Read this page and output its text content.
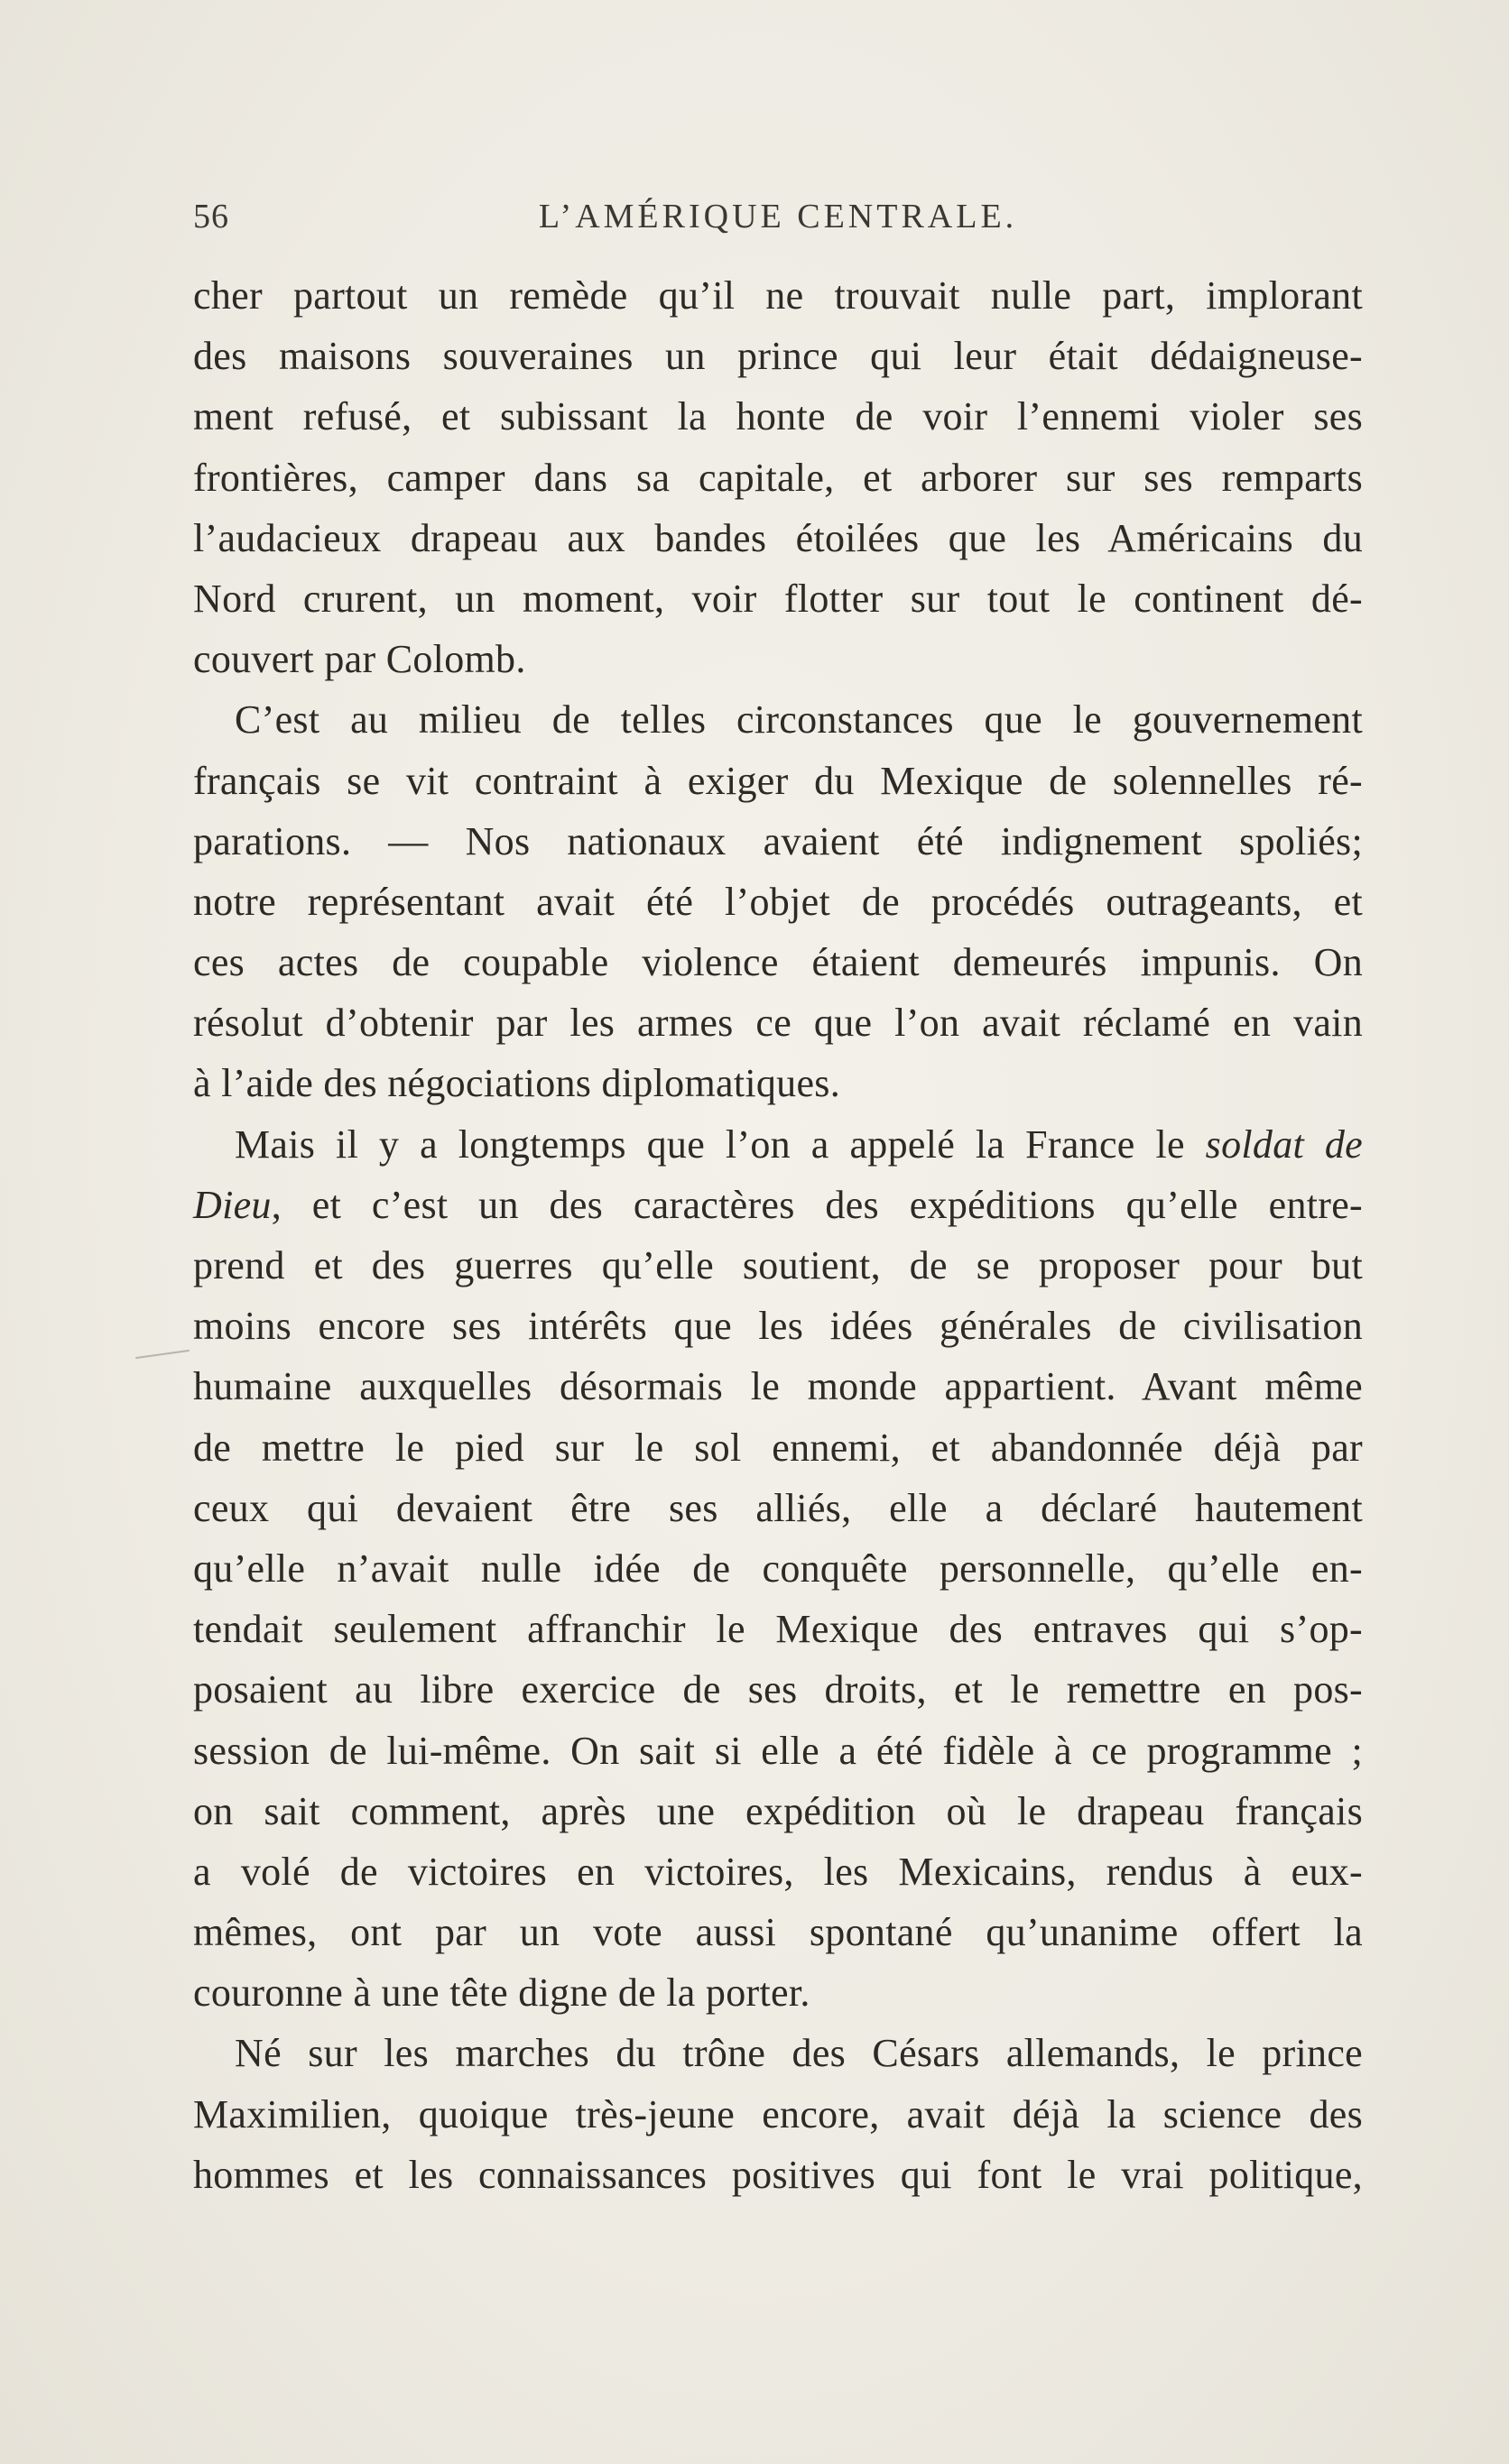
56	L’AMÉRIQUE CENTRALE.
cher partout un remède qu’il ne trouvait nulle part, implorant
des maisons souveraines un prince qui leur était dédaigneuse-
ment refusé, et subissant la honte de voir l’ennemi violer ses
frontières, camper dans sa capitale, et arborer sur ses remparts
l’audacieux drapeau aux bandes étoilées que les Américains du
Nord crurent, un moment, voir flotter sur tout le continent dé-
couvert par Colomb.
C’est au milieu de telles circonstances que le gouvernement
français se vit contraint à exiger du Mexique de solennelles ré-
parations. — Nos nationaux avaient été indignement spoliés;
notre représentant avait été l’objet de procédés outrageants, et
ces actes de coupable violence étaient demeurés impunis. On
résolut d’obtenir par les armes ce que l’on avait réclamé en vain
à l’aide des négociations diplomatiques.
Mais il y a longtemps que l’on a appelé la France le soldat de
Dieu, et c’est un des caractères des expéditions qu’elle entre-
prend et des guerres qu’elle soutient, de se proposer pour but
moins encore ses intérêts que les idées générales de civilisation
humaine auxquelles désormais le monde appartient. Avant même
de mettre le pied sur le sol ennemi, et abandonnée déjà par
ceux qui devaient être ses alliés, elle a déclaré hautement
qu’elle n’avait nulle idée de conquête personnelle, qu’elle en-
tendait seulement affranchir le Mexique des entraves qui s’op-
posaient au libre exercice de ses droits, et le remettre en pos-
session de lui-même. On sait si elle a été fidèle à ce programme ;
on sait comment, après une expédition où le drapeau français
a volé de victoires en victoires, les Mexicains, rendus à eux-
mêmes, ont par un vote aussi spontané qu’unanime offert la
couronne à une tête digne de la porter.
Né sur les marches du trône des Césars allemands, le prince
Maximilien, quoique très-jeune encore, avait déjà la science des
hommes et les connaissances positives qui font le vrai politique,
